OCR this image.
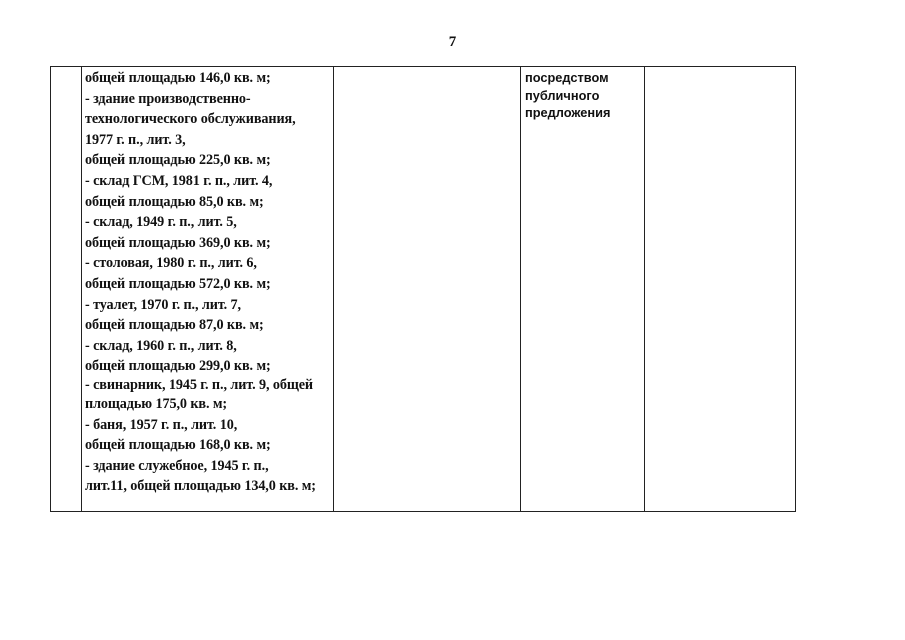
7
общей площадью 146,0 кв. м;
- здание производственно-
технологического обслуживания,
1977 г. п., лит. 3,
общей площадью 225,0 кв. м;
- склад ГСМ, 1981 г. п., лит. 4,
общей площадью 85,0 кв. м;
- склад, 1949 г. п., лит. 5,
общей площадью 369,0 кв. м;
- столовая, 1980 г. п., лит. 6,
общей площадью 572,0 кв. м;
- туалет, 1970 г. п., лит. 7,
общей площадью 87,0 кв. м;
- склад, 1960 г. п., лит. 8,
общей площадью 299,0 кв. м;
- свинарник, 1945 г. п., лит. 9, общей
площадью 175,0 кв. м;
- баня, 1957 г. п., лит. 10,
общей площадью 168,0 кв. м;
- здание служебное, 1945 г. п.,
лит.11, общей площадью 134,0 кв. м;
посредством
публичного
предложения
